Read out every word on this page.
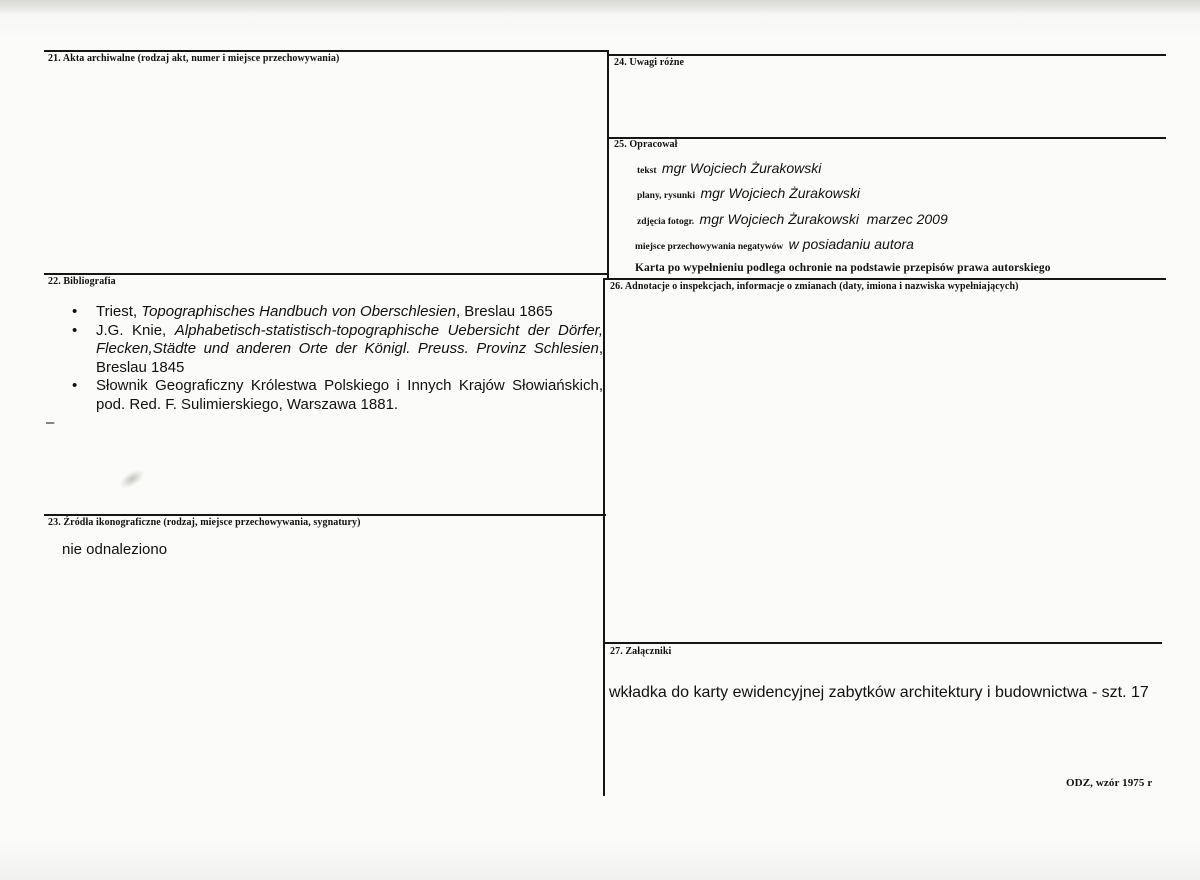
21. Akta archiwalne (rodzaj akt, numer i miejsce przechowywania)	24. Uwagi różne
25. Opracował
tekst mgr Wojciech Żurakowski
plany, rysunki mgr Wojciech Żurakowski
zdjęcia fotogr. mgr Wojciech Żurakowski  marzec 2009
miejsce przechowywania negatywów w posiadaniu autora
Karta po wypełnieniu podlega ochronie na podstawie przepisów prawa autorskiego
22. Bibliografia
• Triest, Topographisches Handbuch von Oberschlesien, Breslau 1865
• J.G. Knie, Alphabetisch-statistisch-topographische Uebersicht der Dörfer, Flecken,Städte und anderen Orte der Königl. Preuss. Provinz Schlesien, Breslau 1845
• Słownik Geograficzny Królestwa Polskiego i Innych Krajów Słowiańskich, pod. Red. F. Sulimierskiego, Warszawa 1881.
–
26. Adnotacje o inspekcjach, informacje o zmianach (daty, imiona i nazwiska wypełniających)
23. Źródła ikonograficzne (rodzaj, miejsce przechowywania, sygnatury)
nie odnaleziono
27. Załączniki
wkładka do karty ewidencyjnej zabytków architektury i budownictwa - szt. 17
ODZ, wzór 1975 r
